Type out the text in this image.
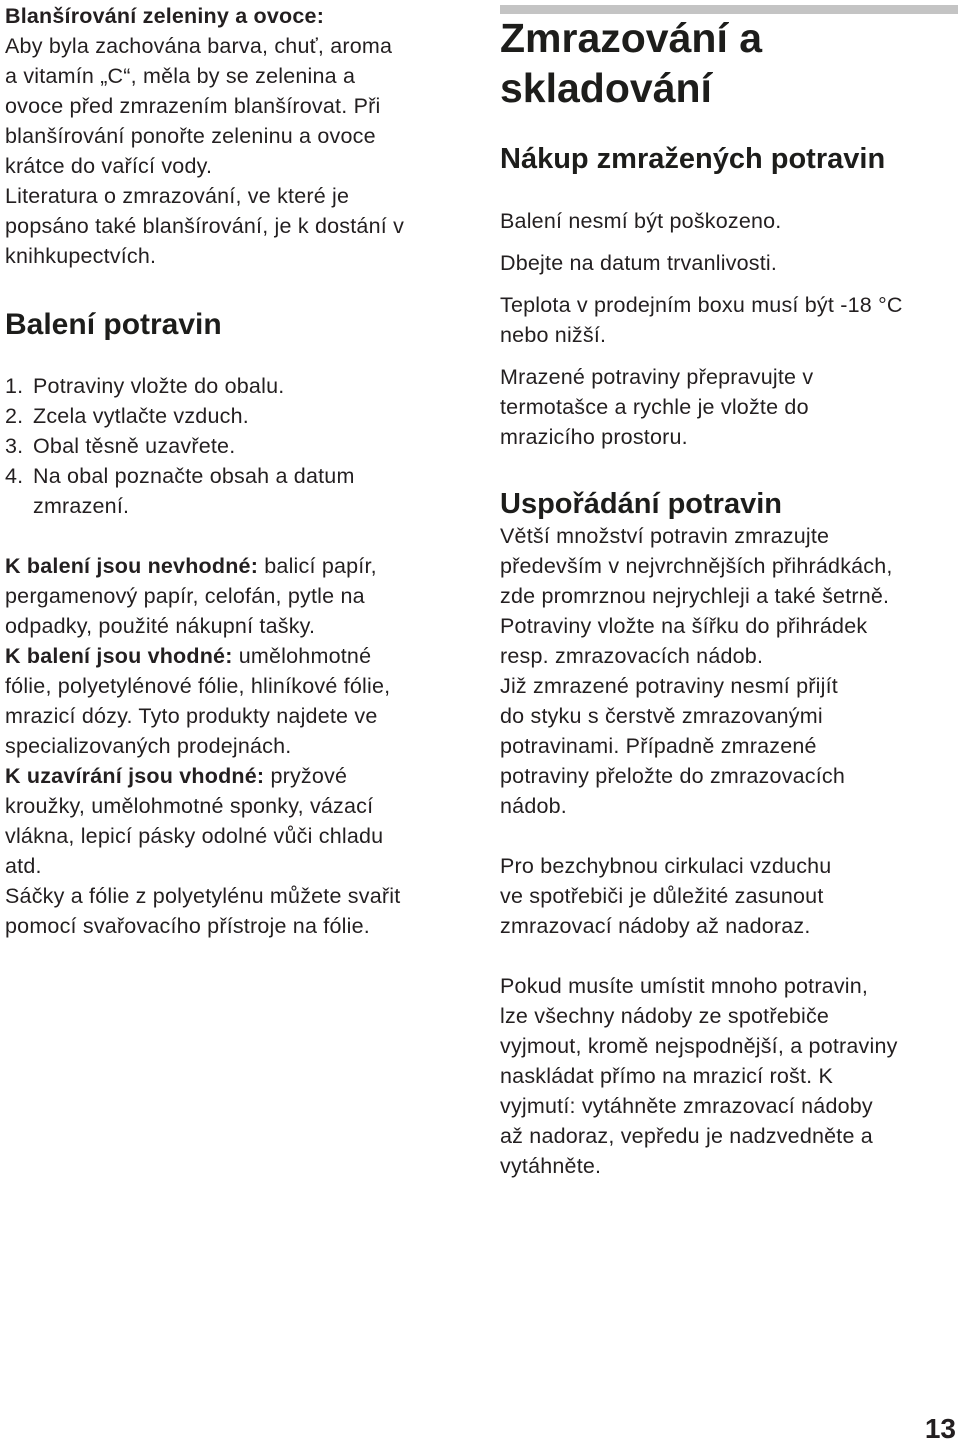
Blanšírování zeleniny a ovoce:

Aby byla zachována barva, chuť, aroma
a vitamín „C“, měla by se zelenina a
ovoce před zmrazením blanšírovat. Při
blanšírování ponořte zeleninu a ovoce
krátce do vařící vody.
Literatura o zmrazování, ve které je
popsáno také blanšírování, je k dostání v
knihkupectvích.

Balení potravin
1. Potraviny vložte do obalu.
2. Zcela vytlačte vzduch.
3. Obal těsně uzavřete.
4. Na obal poznačte obsah a datum
zmrazení.

K balení jsou nevhodné: balicí papír,
pergamenový papír, celofán, pytle na
odpadky, použité nákupní tašky.

K balení jsou vhodné: umělohmotné
fólie, polyetylénové fólie, hliníkové fólie,
mrazicí dózy. Tyto produkty najdete ve
specializovaných prodejnách.

K uzavírání jsou vhodné: pryžové
kroužky, umělohmotné sponky, vázací
vlákna, lepicí pásky odolné vůči chladu
atd.
Sáčky a fólie z polyetylénu můžete svařit
pomocí svařovacího přístroje na fólie.

Zmrazování a
skladování
Nákup zmražených potravin

Balení nesmí být poškozeno.

Dbejte na datum trvanlivosti.

Teplota v prodejním boxu musí být -18 °C
nebo nižší.

Mrazené potraviny přepravujte v
termotašce a rychle je vložte do
mrazicího prostoru.

Uspořádání potravin

Větší množství potravin zmrazujte
především v nejvrchnějších přihrádkách,
zde promrznou nejrychleji a také šetrně.
Potraviny vložte na šířku do přihrádek
resp. zmrazovacích nádob.
Již zmrazené potraviny nesmí přijít
do styku s čerstvě zmrazovanými
potravinami. Případně zmrazené
potraviny přeložte do zmrazovacích
nádob.

Pro bezchybnou cirkulaci vzduchu
ve spotřebiči je důležité zasunout
zmrazovací nádoby až nadoraz.

Pokud musíte umístit mnoho potravin,
lze všechny nádoby ze spotřebiče
vyjmout, kromě nejspodnější, a potraviny
naskládat přímo na mrazicí rošt. K
vyjmutí: vytáhněte zmrazovací nádoby
až nadoraz, vepředu je nadzvedněte a
vytáhněte.

13
